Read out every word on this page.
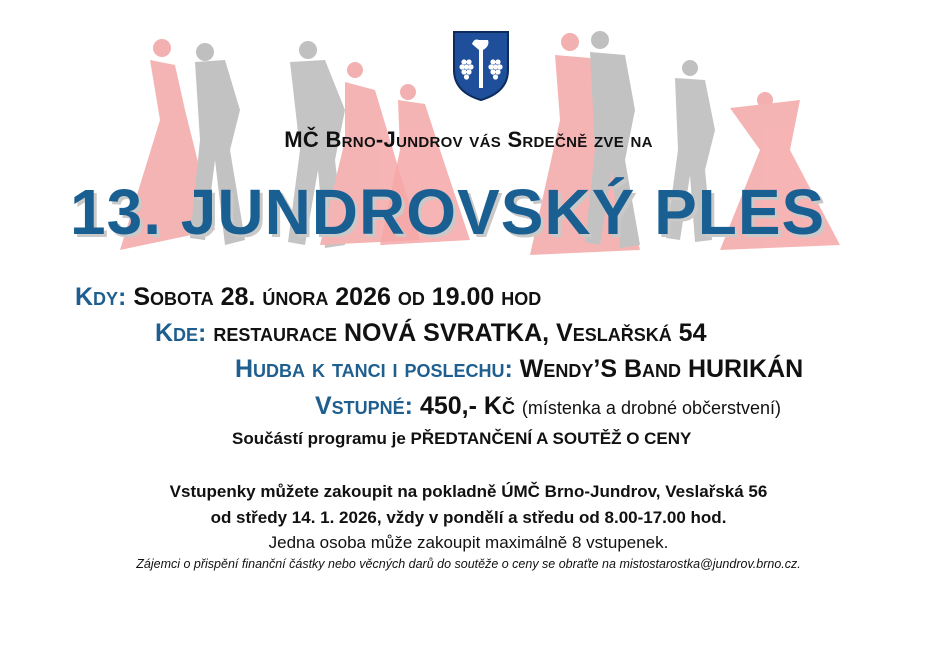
MČ Brno-Jundrov vás Srdečně zve na
13. JUNDROVSKÝ PLES
Kdy: Sobota 28. února 2026 od 19.00 hod
Kde: restaurace NOVÁ SVRATKA, Veslařská 54
Hudba k tanci i poslechu: Wendy’S Band HURIKÁN
Vstupné: 450,- Kč (místenka a drobné občerstvení)
Součástí programu je PŘEDTANČENÍ A SOUTĚŽ O CENY
Vstupenky můžete zakoupit na pokladně ÚMČ Brno-Jundrov, Veslařská 56
od středy 14. 1. 2026, vždy v pondělí a středu od 8.00-17.00 hod.
Jedna osoba může zakoupit maximálně 8 vstupenek.
Zájemci o přispění finanční částky nebo věcných darů do soutěže o ceny se obraťte na mistostarostka@jundrov.brno.cz.
